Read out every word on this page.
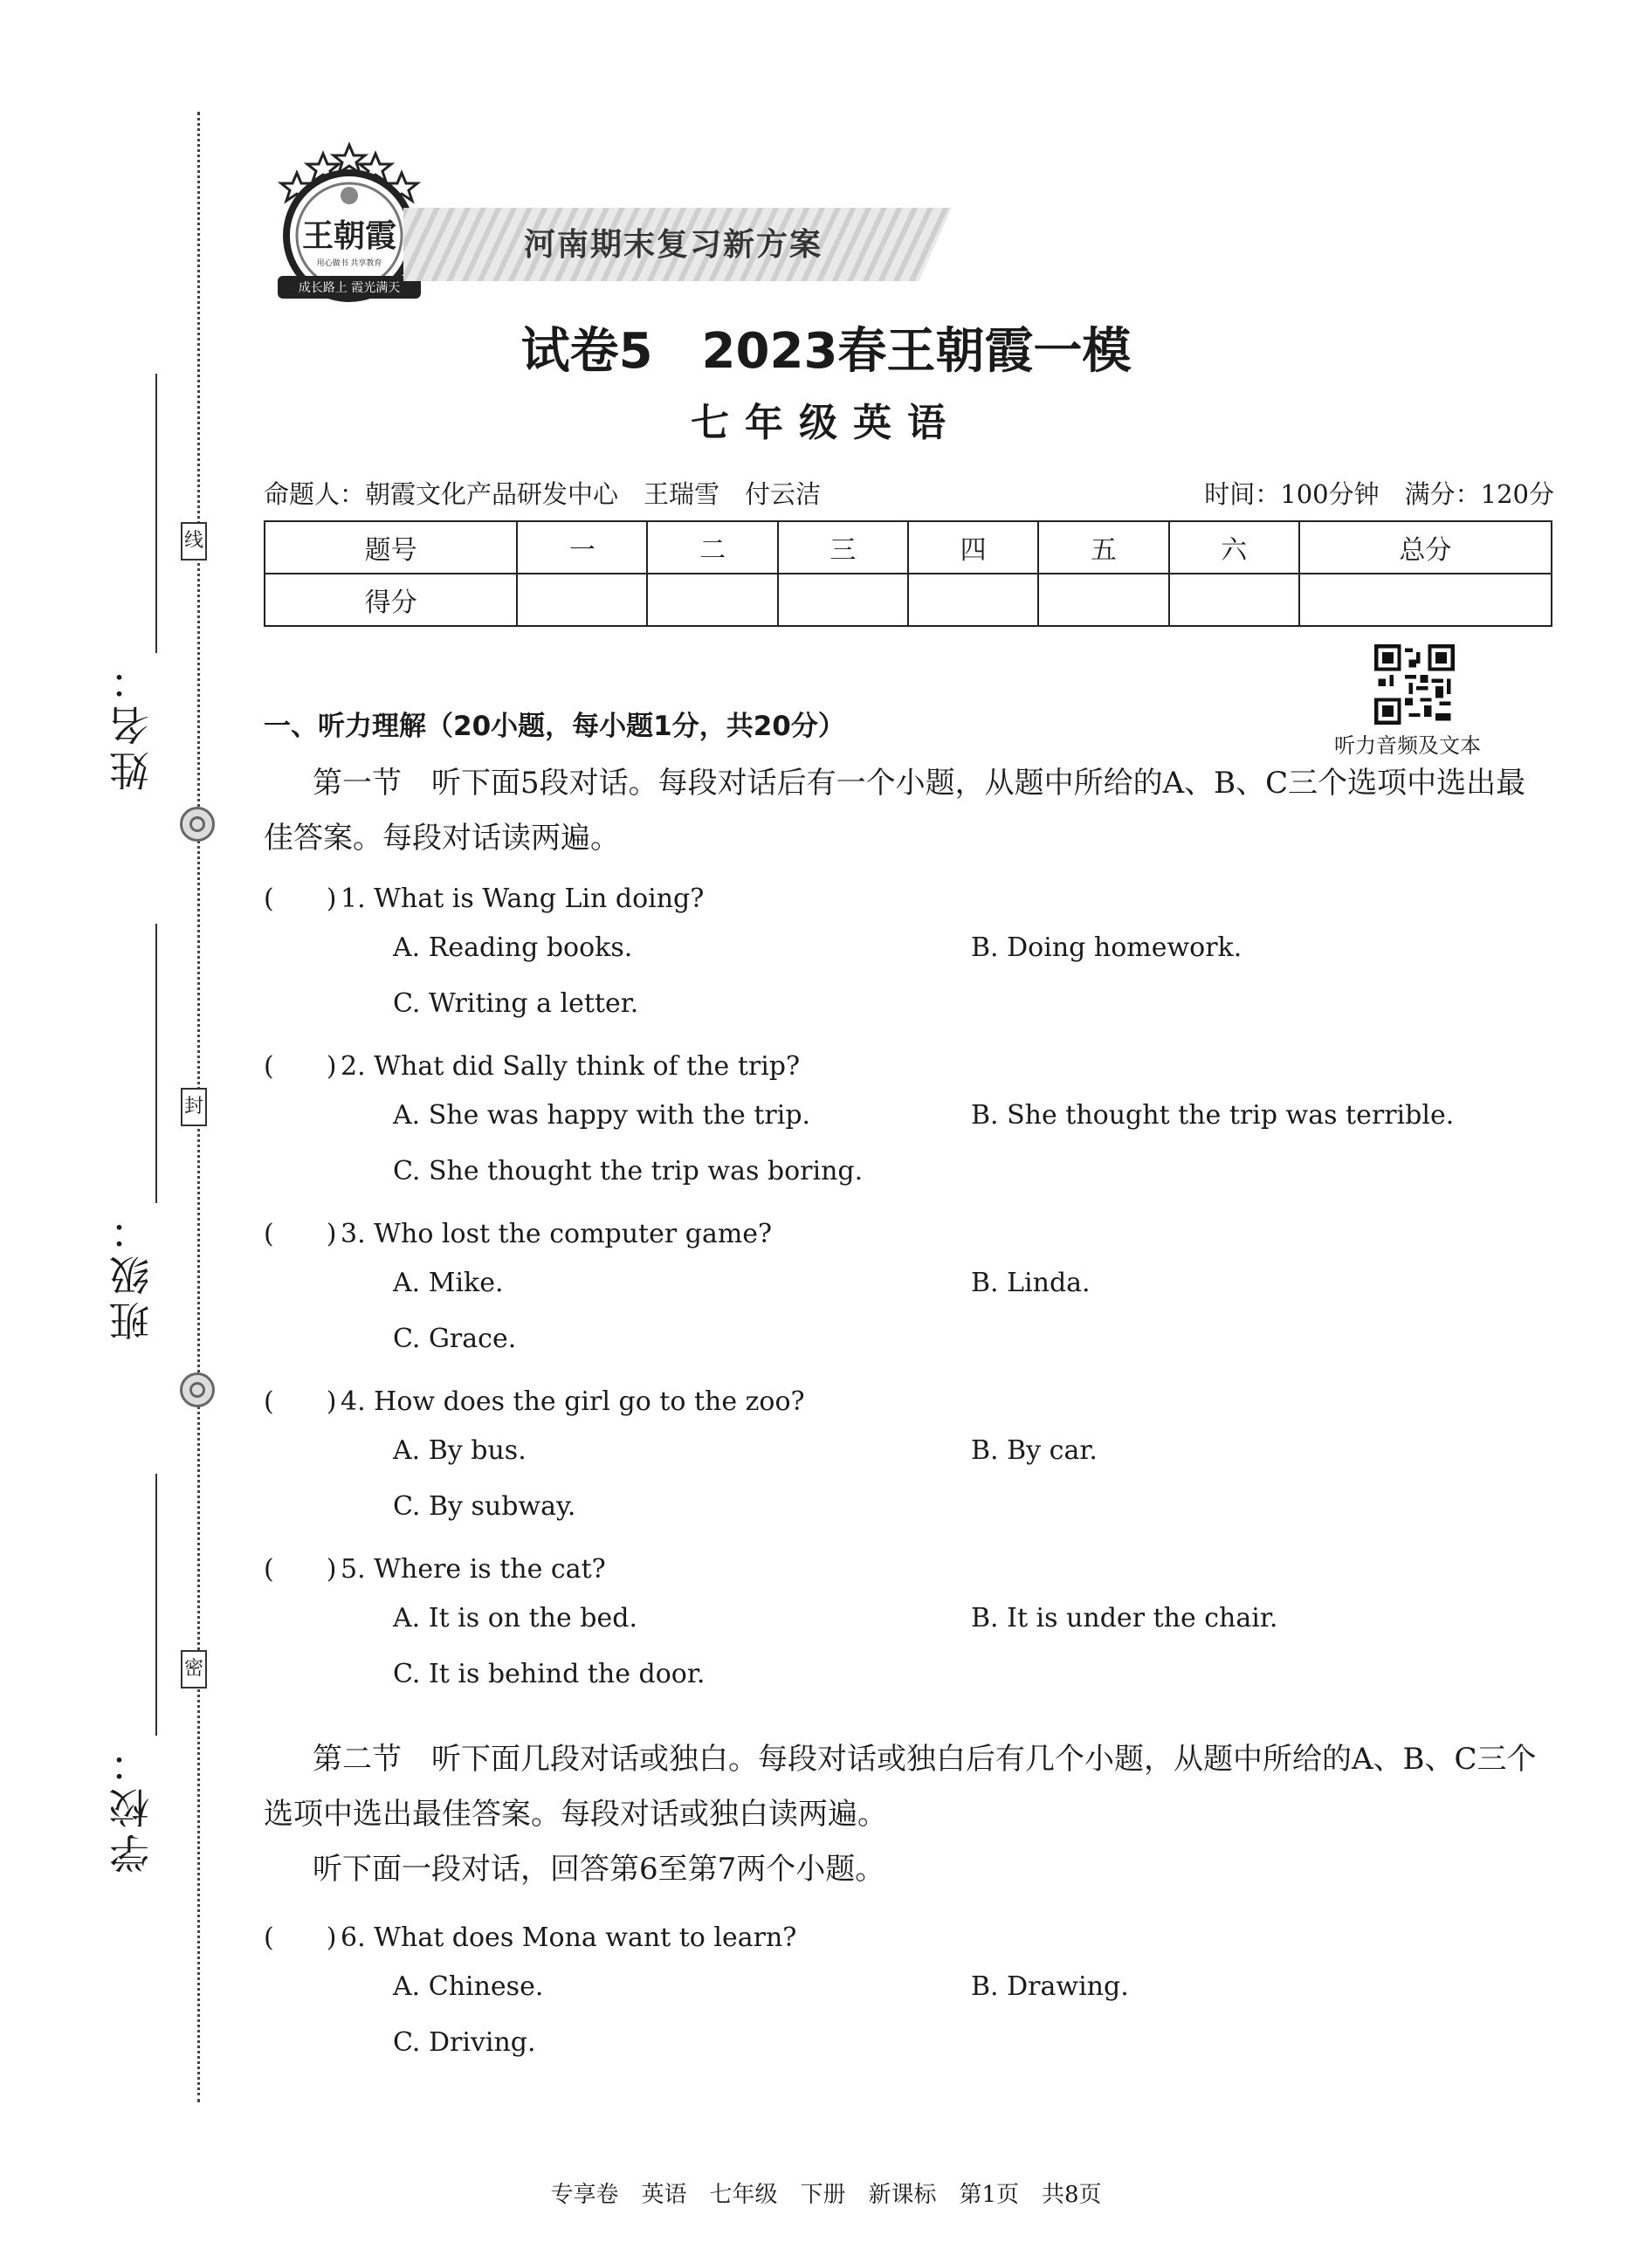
姓名：
班级：
学校：
线
封
密
王朝霞
用心做书 共享教育
成长路上 霞光满天
河南期末复习新方案
试卷5　2023春王朝霞一模
七年级英语
命题人：朝霞文化产品研发中心　王瑞雪　付云洁	时间：100分钟　满分：120分
题号	一	二	三	四	五	六	总分
得分							
听力音频及文本
一、听力理解（20小题，每小题1分，共20分）
第一节　听下面5段对话。每段对话后有一个小题，从题中所给的A、B、C三个选项中选出最佳答案。每段对话读两遍。
(　　) 1. What is Wang Lin doing?
A. Reading books.	B. Doing homework.
C. Writing a letter.
(　　) 2. What did Sally think of the trip?
A. She was happy with the trip.	B. She thought the trip was terrible.
C. She thought the trip was boring.
(　　) 3. Who lost the computer game?
A. Mike.	B. Linda.
C. Grace.
(　　) 4. How does the girl go to the zoo?
A. By bus.	B. By car.
C. By subway.
(　　) 5. Where is the cat?
A. It is on the bed.	B. It is under the chair.
C. It is behind the door.
第二节　听下面几段对话或独白。每段对话或独白后有几个小题，从题中所给的A、B、C三个选项中选出最佳答案。每段对话或独白读两遍。
听下面一段对话，回答第6至第7两个小题。
(　　) 6. What does Mona want to learn?
A. Chinese.	B. Drawing.
C. Driving.
专享卷　英语　七年级　下册　新课标　第1页　共8页
